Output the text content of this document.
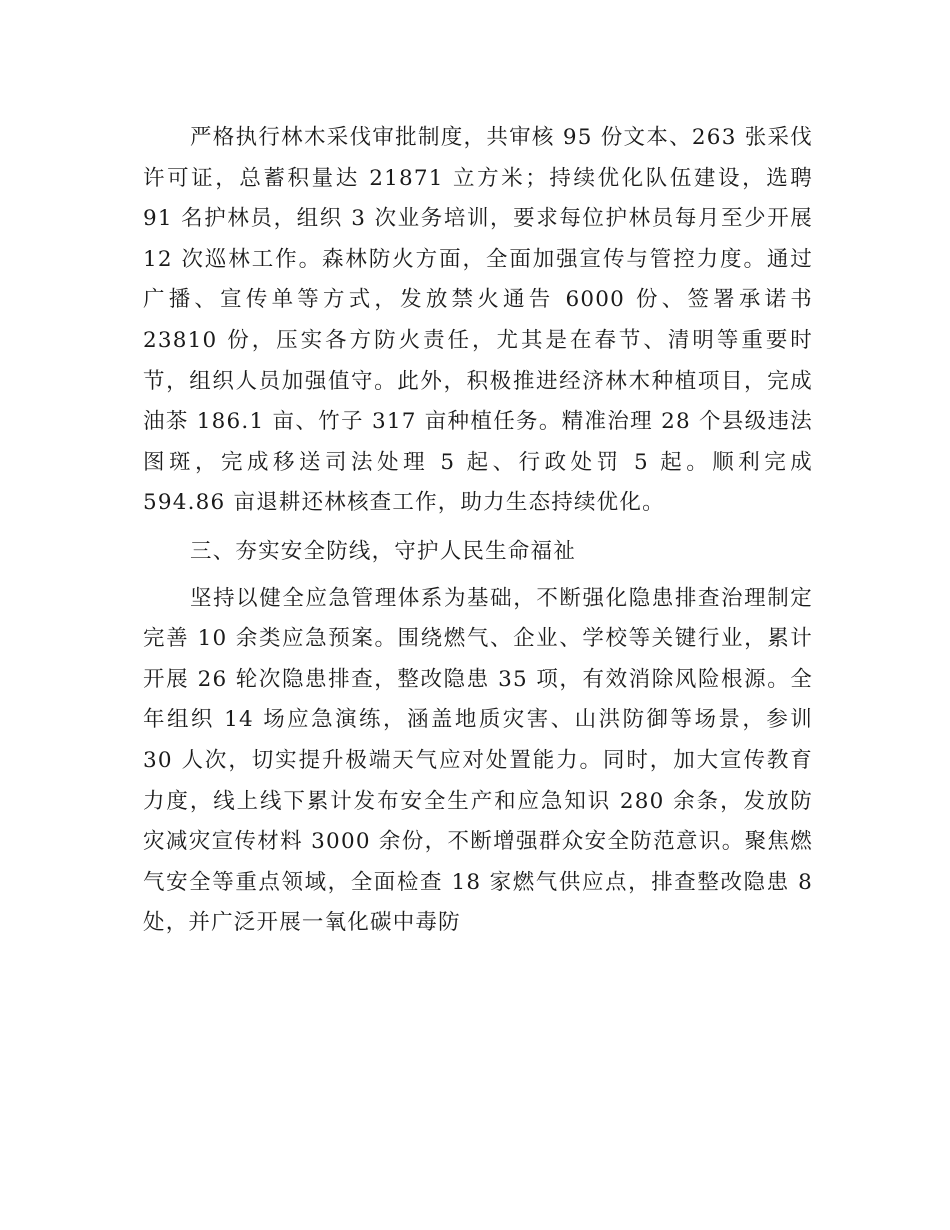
严格执行林木采伐审批制度，共审核 95 份文本、263 张采伐许可证，总蓄积量达 21871 立方米；持续优化队伍建设，选聘 91 名护林员，组织 3 次业务培训，要求每位护林员每月至少开展 12 次巡林工作。森林防火方面，全面加强宣传与管控力度。通过广播、宣传单等方式，发放禁火通告 6000 份、签署承诺书 23810 份，压实各方防火责任，尤其是在春节、清明等重要时节，组织人员加强值守。此外，积极推进经济林木种植项目，完成油茶 186.1 亩、竹子 317 亩种植任务。精准治理 28 个县级违法图斑，完成移送司法处理 5 起、行政处罚 5 起。顺利完成 594.86 亩退耕还林核查工作，助力生态持续优化。

三、夯实安全防线，守护人民生命福祉

坚持以健全应急管理体系为基础，不断强化隐患排查治理制定完善 10 余类应急预案。围绕燃气、企业、学校等关键行业，累计开展 26 轮次隐患排查，整改隐患 35 项，有效消除风险根源。全年组织 14 场应急演练，涵盖地质灾害、山洪防御等场景，参训 30 人次，切实提升极端天气应对处置能力。同时，加大宣传教育力度，线上线下累计发布安全生产和应急知识 280 余条，发放防灾减灾宣传材料 3000 余份，不断增强群众安全防范意识。聚焦燃气安全等重点领域，全面检查 18 家燃气供应点，排查整改隐患 8 处，并广泛开展一氧化碳中毒防
